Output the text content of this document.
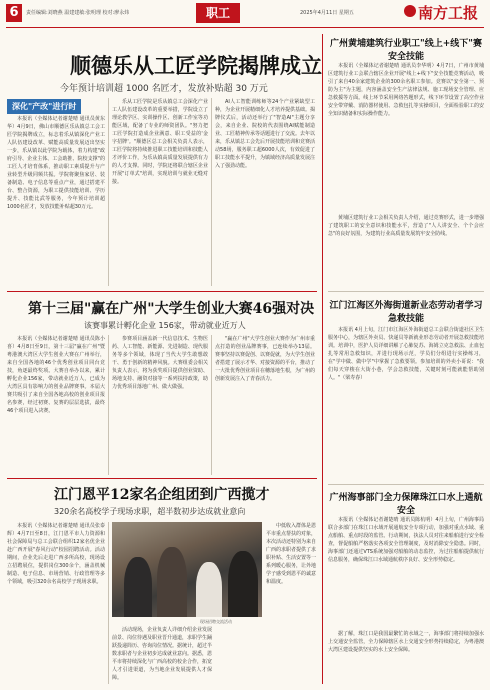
6	责任编辑:刘晓燕 温建建敏:张明理 校对:廖永炜	职工	2025年4月11日 星期五	南方工报
顺德乐从工匠学院揭牌成立
今年预计培训超 1000 名匠才，发放补贴超 30 万元
深化"产改"进行时

本报讯（全媒体记者谢楚晴 通讯员黄东华）4月9日，佛山市顺德区乐从镇总工会工匠学院揭牌成立，标志着乐从镇深化产业工人队伍建设改革、赋能高质量发展迈出坚实一步，乐从镇以此学院为载体，着力构建"政府引导、企业主体、工会助推、院校支撑"的工匠人才培育体系，推动职工素质提升与产业转型升级同频共振。学院将聚焦家居、装备制造、电子信息等重点产业，通过搭建平台、整合资源，为职工提供技能培训、学历提升、技能比武等服务，今年预计培训超1000名匠才，发放技能补贴超30万元。

乐从工匠学院是乐从镇总工会深化产业工人队伍建设改革的重要举措，学院设立了理论教学区、实训操作区、创新工作室等功能区域，配备了专业的师资团队。"努力把工匠学院打造成企业满意、职工受益的'金字招牌'。"顺德区总工会相关负责人表示，工匠学院将持续推进职工技能培训和技能人才评价工作，为乐从镇高质量发展提供有力的人才支撑。同时，学院还将联合辖区企业开展"订单式"培训，实现培训与就业无缝对接。

AI人工智能训练师等24个产业紧缺型工种，为企业开展精细化人才培养提供基础。揭牌仪式后，活动还举行了"智造AI"主题分享会，来自企业、院校的代表围绕AI赋能制造业、工匠精神传承等话题进行了交流。去年以来，乐从镇总工会先后开展技能培训和竞赛活动58场，服务职工超6000人次，有效促进了职工技能水平提升，为镇域经济高质量发展注入了强劲动能。

第十三届"赢在广州"大学生创业大赛46强对决
该赛事累计孵化企业 156家，带动就业近万人

本报讯（全媒体记者谢楚晴 通讯员陈小喜）4月8日至9日，第十三届"赢在广州"暨粤港澳大湾区大学生创业大赛在广州举行，来自全国各地的46个优秀创业项目同台竞技，角逐最终奖项。大赛自举办以来，累计孵化企业156家，带动就业近万人，已成为大湾区具有影响力的创业品牌赛事。本届大赛共吸引了来自全国各地高校的创业项目报名参赛，经过初赛、复赛的层层选拔，最终46个项目进入决赛。

参赛项目涵盖新一代信息技术、生物医药、人工智能、新能源、先进制造、现代服务等多个领域，体现了当代大学生敢想敢干、勇于创新的精神风貌。大赛组委会相关负责人表示，将为获奖项目提供创业资助、场地支持、融资对接等一系列扶持政策，助力优秀项目落地广州、做大做强。

"赢在广州"大学生创业大赛作为广州市重点打造的创业品牌赛事，已连续举办13届。赛事坚持以赛促创、以赛促就，为大学生创业者搭建了展示才华、对接资源的平台，推动了一大批优秀创业项目在穗落地生根，为广州的创新发展注入了青春活力。

江门恩平12家名企组团到广西揽才
320余名高校学子现场求职，超半数初步达成就业意向

本报讯（全媒体记者谢楚晴 通讯员张泰辉）4月7日至8日，江门恩平市人力资源和社会保障局与总工会联合组织12家名优企业赴广西开展"春风行动"校园招聘活动。活动期间，企业先后走进广西多所高校，现场设立招聘展位，提供岗位300余个，涵盖机械制造、电子信息、市场营销、行政管理等多个领域，吸引320余名高校学子现场求职。

现场招聘交流活动

活动现场，企业负责人详细介绍企业发展前景、岗位待遇及职业晋升通道，求职学生踊跃投递简历、咨询岗位情况。据统计，超过半数求职者与企业初步达成就业意向。据悉，恩平市将持续深化与广西高校的校企合作，拓宽人才引进渠道，为当地企业发展提供人才保障。

中低收入群体是恩平市重点帮扶的对象，本次活动还特别为来自广西的求职者提供了求职补贴、生活安置等一系列暖心服务，让外地学子感受到恩平的诚意和温度。

广州黄埔建筑行业职工"线上+线下"赛安全技能

本报讯（全媒体记者谢楚晴 通讯员李华明）4月7日，广州市黄埔区建筑行业工会联合辖区企业开展"线上+线下"安全技能竞赛活动，吸引了来自40余家建筑企业的300余名职工参加。竞赛以"安全第一、预防为主"为主题，内容涵盖安全生产法律法规、施工现场安全管理、应急救援等方面。线上环节采用网络答题形式，线下环节设置了高空作业安全带穿戴、消防器材使用、急救包扎等实操项目，全面检验职工的安全知识储备和实际操作能力。

黄埔区建筑行业工会相关负责人介绍，通过竞赛形式，进一步增强了建筑职工的安全意识和技能水平，营造了"人人讲安全、个个会应急"的良好氛围，为建筑行业高质量发展筑牢安全防线。

江门江海区外海街道新业态劳动者学习急救技能

本报讯 4月上旬，江门市江海区外海街道总工会联合街道社区卫生服务中心，为辖区外卖员、快递员等新就业形态劳动者开展急救技能培训。培训中，医护人员详细讲解了心肺复苏、海姆立克急救法、止血包扎等常用急救知识，并进行现场示范，学员们分组进行实操练习，在"学中做、做中学"中掌握了急救要领。参加培训的外卖小哥说："我们每天穿梭在大街小巷，学会急救技能，关键时刻可能就能帮助别人。"（梁寿春）

广州海事部门全力保障珠江口水上通航安全

本报讯（全媒体记者谢楚晴 通讯员陈杭明）4月上旬，广州海事局联合多部门在珠江口水域开展通航安全专项行动，加强对重点水域、重点船舶、重点时段的监管。行动期间，执法人员对往来船舶进行安全检查，督促船舶严格落实各项安全管理制度，及时消除安全隐患。同时，海事部门还通过VTS系统加强对船舶的动态监控，为过往船舶提供航行信息服务，确保珠江口水域通航秩序良好、安全形势稳定。

据了解，珠江口是我国最繁忙的水域之一，海事部门将持续加强水上交通安全监管，全力保障辖区水上交通安全形势持续稳定，为粤港澳大湾区建设提供坚实的水上安全保障。
